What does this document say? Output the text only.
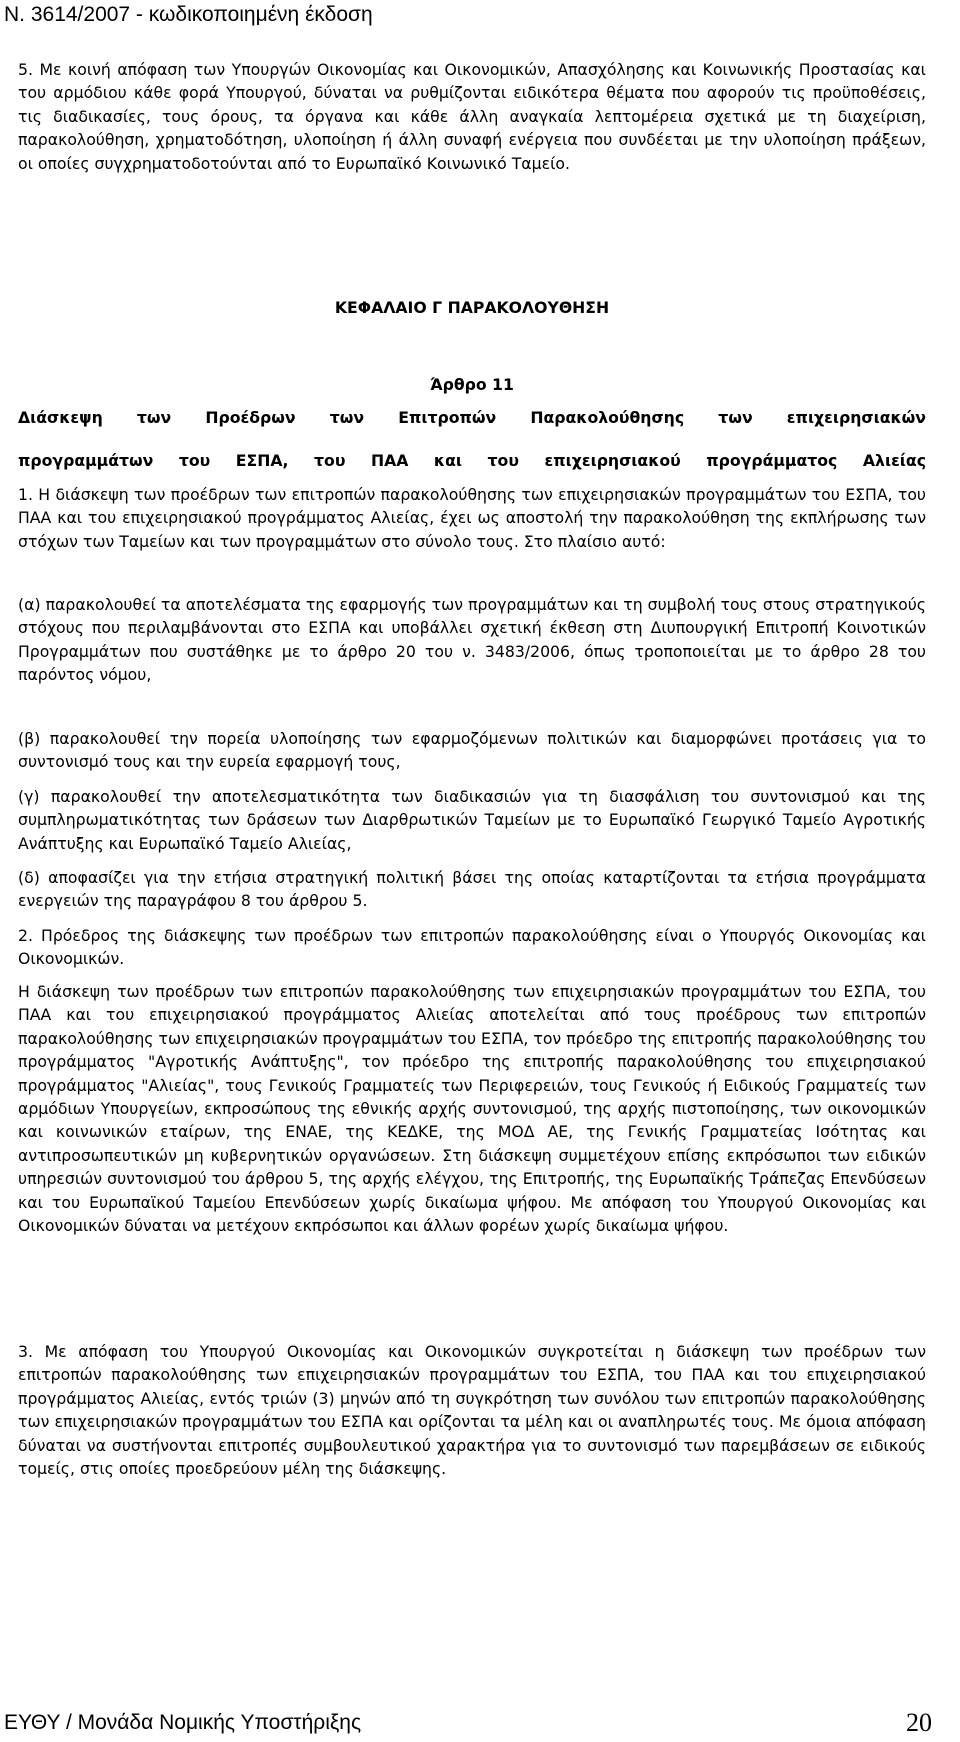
Ν. 3614/2007 - κωδικοποιημένη έκδοση

5. Με κοινή απόφαση των Υπουργών Οικονομίας και Οικονομικών, Απασχόλησης και Κοινωνικής Προστασίας και του αρμόδιου κάθε φορά Υπουργού, δύναται να ρυθμίζονται ειδικότερα θέματα που αφορούν τις προϋποθέσεις, τις διαδικασίες, τους όρους, τα όργανα και κάθε άλλη αναγκαία λεπτομέρεια σχετικά με τη διαχείριση, παρακολούθηση, χρηματοδότηση, υλοποίηση ή άλλη συναφή ενέργεια που συνδέεται με την υλοποίηση πράξεων, οι οποίες συγχρηματοδοτούνται από το Ευρωπαϊκό Κοινωνικό Ταμείο.

ΚΕΦΑΛΑΙΟ Γ ΠΑΡΑΚΟΛΟΥΘΗΣΗ

Άρθρο 11

Διάσκεψη των Προέδρων των Επιτροπών Παρακολούθησης των επιχειρησιακών

προγραμμάτων του ΕΣΠΑ, του ΠΑΑ και του επιχειρησιακού προγράμματος Αλιείας

1. Η διάσκεψη των προέδρων των επιτροπών παρακολούθησης των επιχειρησιακών προγραμμάτων του ΕΣΠΑ, του ΠΑΑ και του επιχειρησιακού προγράμματος Αλιείας, έχει ως αποστολή την παρακολούθηση της εκπλήρωσης των στόχων των Ταμείων και των προγραμμάτων στο σύνολο τους. Στο πλαίσιο αυτό:

(α) παρακολουθεί τα αποτελέσματα της εφαρμογής των προγραμμάτων και τη συμβολή τους στους στρατηγικούς στόχους που περιλαμβάνονται στο ΕΣΠΑ και υποβάλλει σχετική έκθεση στη Διυπουργική Επιτροπή Κοινοτικών Προγραμμάτων που συστάθηκε με το άρθρο 20 του ν. 3483/2006, όπως τροποποιείται με το άρθρο 28 του παρόντος νόμου,

(β) παρακολουθεί την πορεία υλοποίησης των εφαρμοζόμενων πολιτικών και διαμορφώνει προτάσεις για το συντονισμό τους και την ευρεία εφαρμογή τους,

(γ) παρακολουθεί την αποτελεσματικότητα των διαδικασιών για τη διασφάλιση του συντονισμού και της συμπληρωματικότητας των δράσεων των Διαρθρωτικών Ταμείων με το Ευρωπαϊκό Γεωργικό Ταμείο Αγροτικής Ανάπτυξης και Ευρωπαϊκό Ταμείο Αλιείας,

(δ) αποφασίζει για την ετήσια στρατηγική πολιτική βάσει της οποίας καταρτίζονται τα ετήσια προγράμματα ενεργειών της παραγράφου 8 του άρθρου 5.

2. Πρόεδρος της διάσκεψης των προέδρων των επιτροπών παρακολούθησης είναι ο Υπουργός Οικονομίας και Οικονομικών.

Η διάσκεψη των προέδρων των επιτροπών παρακολούθησης των επιχειρησιακών προγραμμάτων του ΕΣΠΑ, του ΠΑΑ και του επιχειρησιακού προγράμματος Αλιείας αποτελείται από τους προέδρους των επιτροπών παρακολούθησης των επιχειρησιακών προγραμμάτων του ΕΣΠΑ, τον πρόεδρο της επιτροπής παρακολούθησης του προγράμματος "Αγροτικής Ανάπτυξης", τον πρόεδρο της επιτροπής παρακολούθησης του επιχειρησιακού προγράμματος "Αλιείας", τους Γενικούς Γραμματείς των Περιφερειών, τους Γενικούς ή Ειδικούς Γραμματείς των αρμόδιων Υπουργείων, εκπροσώπους της εθνικής αρχής συντονισμού, της αρχής πιστοποίησης, των οικονομικών και κοινωνικών εταίρων, της ΕΝΑΕ, της ΚΕΔΚΕ, της ΜΟΔ ΑΕ, της Γενικής Γραμματείας Ισότητας και αντιπροσωπευτικών μη κυβερνητικών οργανώσεων. Στη διάσκεψη συμμετέχουν επίσης εκπρόσωποι των ειδικών υπηρεσιών συντονισμού του άρθρου 5, της αρχής ελέγχου, της Επιτροπής, της Ευρωπαϊκής Τράπεζας Επενδύσεων και του Ευρωπαϊκού Ταμείου Επενδύσεων χωρίς δικαίωμα ψήφου. Με απόφαση του Υπουργού Οικονομίας και Οικονομικών δύναται να μετέχουν εκπρόσωποι και άλλων φορέων χωρίς δικαίωμα ψήφου.

3. Με απόφαση του Υπουργού Οικονομίας και Οικονομικών συγκροτείται η διάσκεψη των προέδρων των επιτροπών παρακολούθησης των επιχειρησιακών προγραμμάτων του ΕΣΠΑ, του ΠΑΑ και του επιχειρησιακού προγράμματος Αλιείας, εντός τριών (3) μηνών από τη συγκρότηση των συνόλου των επιτροπών παρακολούθησης των επιχειρησιακών προγραμμάτων του ΕΣΠΑ και ορίζονται τα μέλη και οι αναπληρωτές τους. Με όμοια απόφαση δύναται να συστήνονται επιτροπές συμβουλευτικού χαρακτήρα για το συντονισμό των παρεμβάσεων σε ειδικούς τομείς, στις οποίες προεδρεύουν μέλη της διάσκεψης.

ΕΥΘΥ / Μονάδα Νομικής Υποστήριξης	20
